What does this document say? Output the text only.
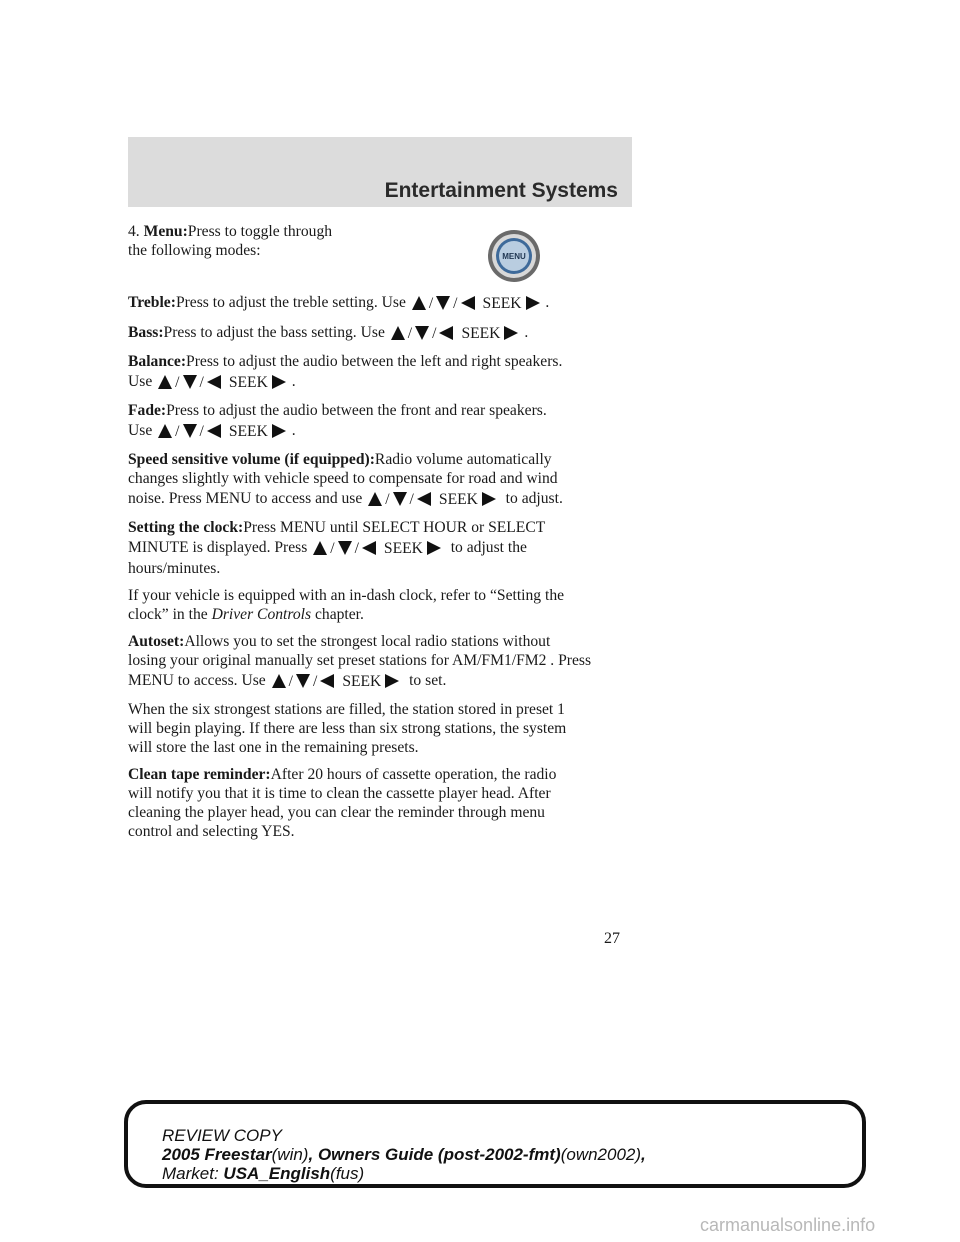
Entertainment Systems
MENU

4. Menu:Press to toggle through
the following modes:

Treble:Press to adjust the treble setting. Use / / SEEK .

Bass:Press to adjust the bass setting. Use / / SEEK .

Balance:Press to adjust the audio between the left and right speakers.
Use / / SEEK .

Fade:Press to adjust the audio between the front and rear speakers.
Use / / SEEK .

Speed sensitive volume (if equipped):Radio volume automatically
changes slightly with vehicle speed to compensate for road and wind
noise. Press MENU to access and use / / SEEK to adjust.

Setting the clock:Press MENU until SELECT HOUR or SELECT
MINUTE is displayed. Press / / SEEK to adjust the
hours/minutes.

If your vehicle is equipped with an in-dash clock, refer to “Setting the
clock” in the Driver Controls chapter.

Autoset:Allows you to set the strongest local radio stations without
losing your original manually set preset stations for AM/FM1/FM2 . Press
MENU to access. Use / / SEEK to set.

When the six strongest stations are filled, the station stored in preset 1
will begin playing. If there are less than six strong stations, the system
will store the last one in the remaining presets.

Clean tape reminder:After 20 hours of cassette operation, the radio
will notify you that it is time to clean the cassette player head. After
cleaning the player head, you can clear the reminder through menu
control and selecting YES.

27
REVIEW COPY
2005 Freestar(win), Owners Guide (post-2002-fmt)(own2002),
Market: USA_English(fus)
carmanualsonline.info
